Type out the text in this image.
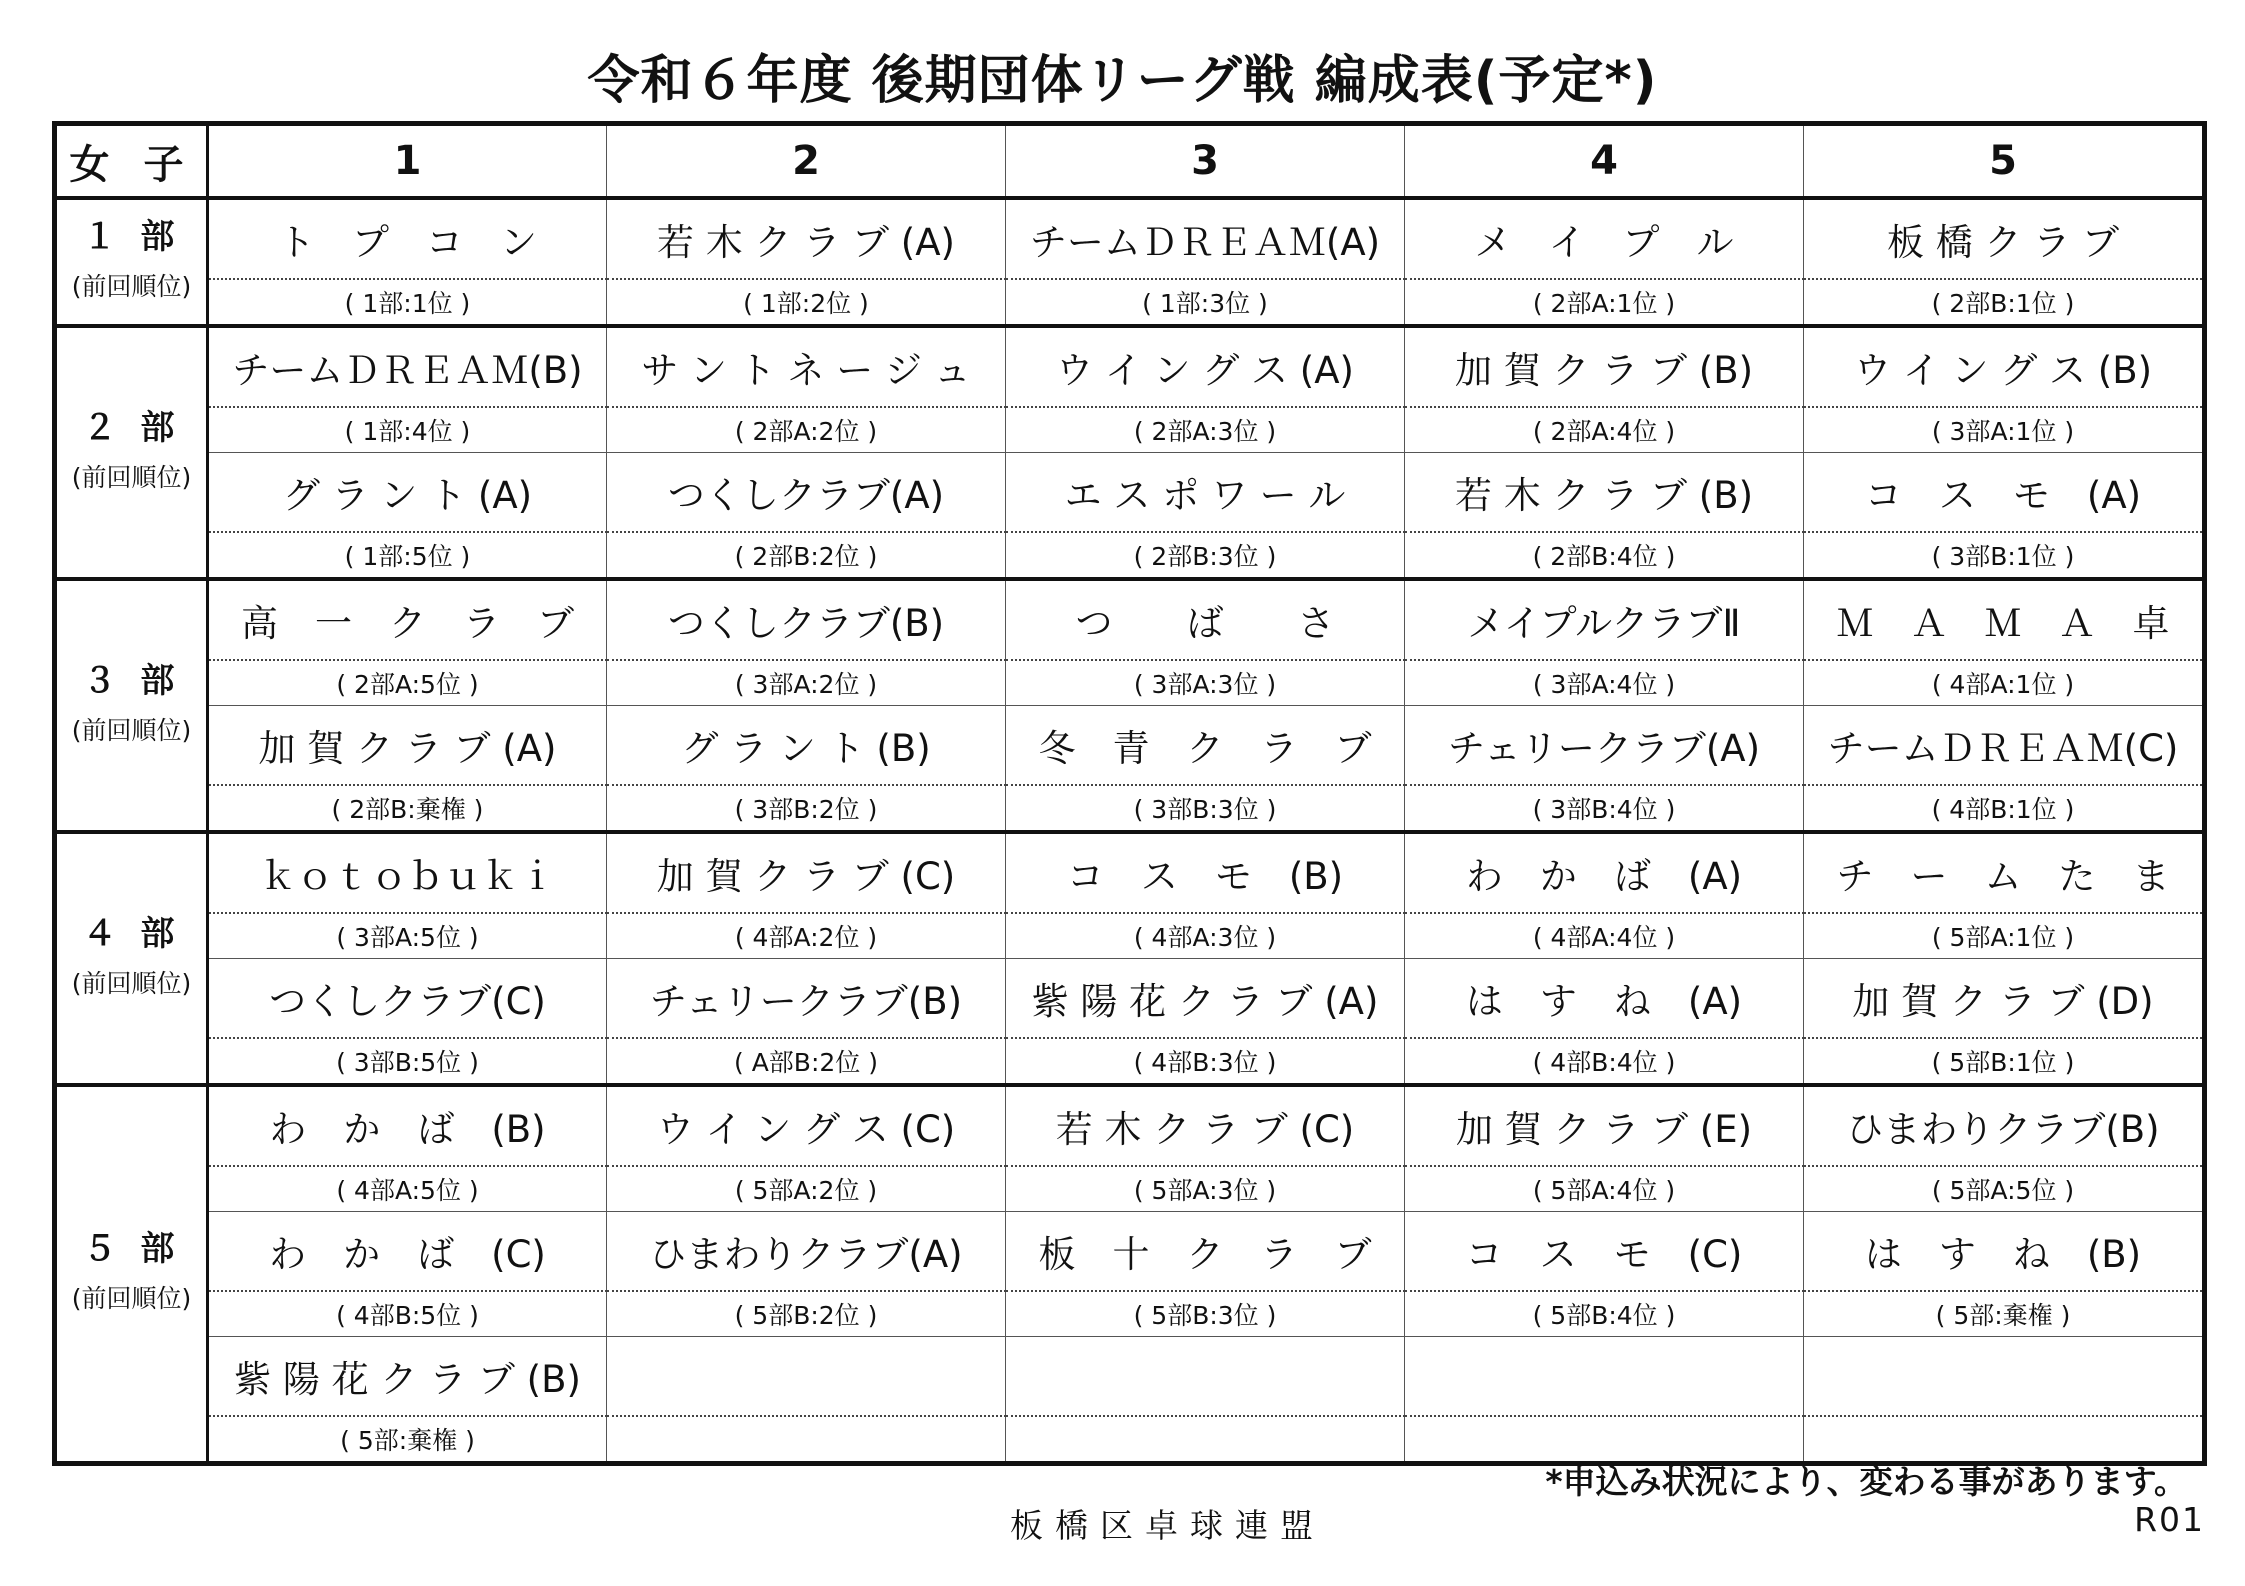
令和６年度 後期団体リーグ戦 編成表(予定*)
女 子	1	2	3	4	5

１ 部
(前回順位)	ト　プ　コ　ン	若 木 ク ラ ブ (A)	チームＤＲＥＡＭ(A)	メ　イ　プ　ル	板 橋 ク ラ ブ
	( 1部:1位 )	( 1部:2位 )	( 1部:3位 )	( 2部A:1位 )	( 2部B:1位 )

２ 部
(前回順位)	チームＤＲＥＡＭ(B)	サ ン ト ネ ー ジ ュ	ウ イ ン グ ス (A)	加 賀 ク ラ ブ (B)	ウ イ ン グ ス (B)
	( 1部:4位 )	( 2部A:2位 )	( 2部A:3位 )	( 2部A:4位 )	( 3部A:1位 )
	グ ラ ン ト (A)	つくしクラブ(A)	エ ス ポ ワ ー ル	若 木 ク ラ ブ (B)	コ　ス　モ　(A)
	( 1部:5位 )	( 2部B:2位 )	( 2部B:3位 )	( 2部B:4位 )	( 3部B:1位 )

３ 部
(前回順位)	高　一　ク　ラ　ブ	つくしクラブ(B)	つ　　ば　　さ	メイプルクラブⅡ	Ｍ　Ａ　Ｍ　Ａ　卓
	( 2部A:5位 )	( 3部A:2位 )	( 3部A:3位 )	( 3部A:4位 )	( 4部A:1位 )
	加 賀 ク ラ ブ (A)	グ ラ ン ト (B)	冬　青　ク　ラ　ブ	チェリークラブ(A)	チームＤＲＥＡＭ(C)
	( 2部B:棄権 )	( 3部B:2位 )	( 3部B:3位 )	( 3部B:4位 )	( 4部B:1位 )

４ 部
(前回順位)	ｋｏｔｏｂｕｋｉ	加 賀 ク ラ ブ (C)	コ　ス　モ　(B)	わ　か　ば　(A)	チ　ー　ム　た　ま
	( 3部A:5位 )	( 4部A:2位 )	( 4部A:3位 )	( 4部A:4位 )	( 5部A:1位 )
	つくしクラブ(C)	チェリークラブ(B)	紫 陽 花 ク ラ ブ (A)	は　す　ね　(A)	加 賀 ク ラ ブ (D)
	( 3部B:5位 )	( A部B:2位 )	( 4部B:3位 )	( 4部B:4位 )	( 5部B:1位 )

５ 部
(前回順位)	わ　か　ば　(B)	ウ イ ン グ ス (C)	若 木 ク ラ ブ (C)	加 賀 ク ラ ブ (E)	ひまわりクラブ(B)
	( 4部A:5位 )	( 5部A:2位 )	( 5部A:3位 )	( 5部A:4位 )	( 5部A:5位 )
	わ　か　ば　(C)	ひまわりクラブ(A)	板　十　ク　ラ　ブ	コ　ス　モ　(C)	は　す　ね　(B)
	( 4部B:5位 )	( 5部B:2位 )	( 5部B:3位 )	( 5部B:4位 )	( 5部:棄権 )
	紫 陽 花 ク ラ ブ (B)				
	( 5部:棄権 )				
*申込み状況により、変わる事があります。
板橋区卓球連盟	R01
